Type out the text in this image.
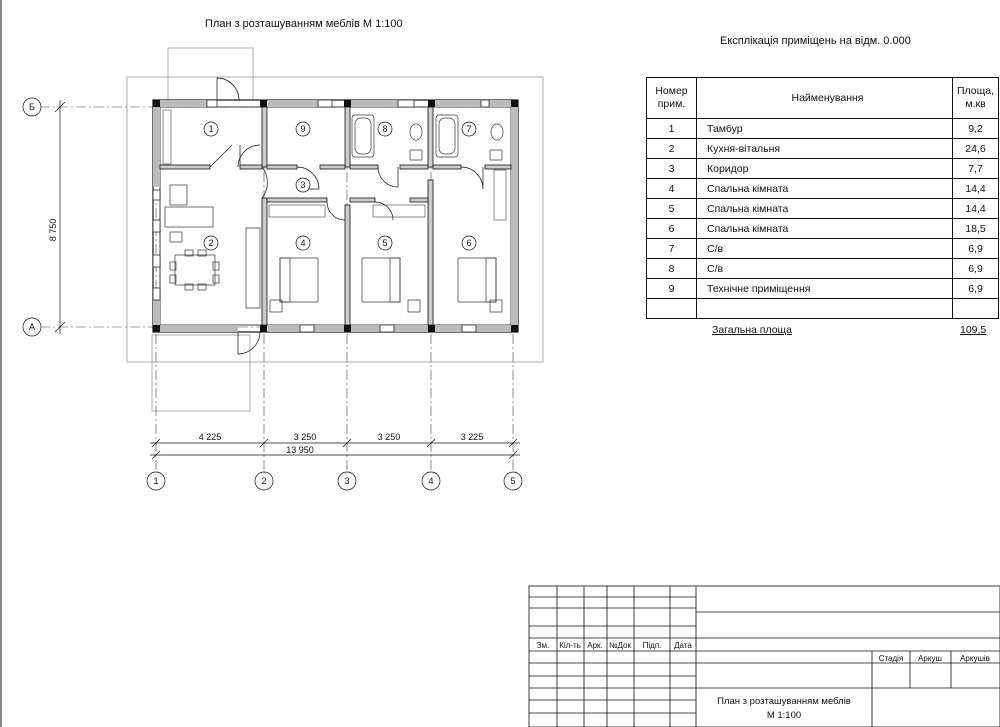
План з розташуванням меблів М 1:100
Експлікація приміщень на відм. 0.000
1
2
3
4	5	6
7
8
9
8 750
Б
А
4 225	3 250	3 250	3 225
13 950
1	2	3	4	5
Зм. Кіл-ть Арк. №Док Підп. Дата
Стадія Аркуш Аркушів
План з розташуванням меблів
М 1:100
Номер прим.	Найменування	Площа, м.кв
1	Тамбур	9,2
2	Кухня-вітальня	24,6
3	Коридор	7,7
4	Спальна кімната	14,4
5	Спальна кімната	14,4
6	Спальна кімната	18,5
7	С/в	6,9
8	С/в	6,9
9	Технічне приміщення	6,9

Загальна площа	109,5
